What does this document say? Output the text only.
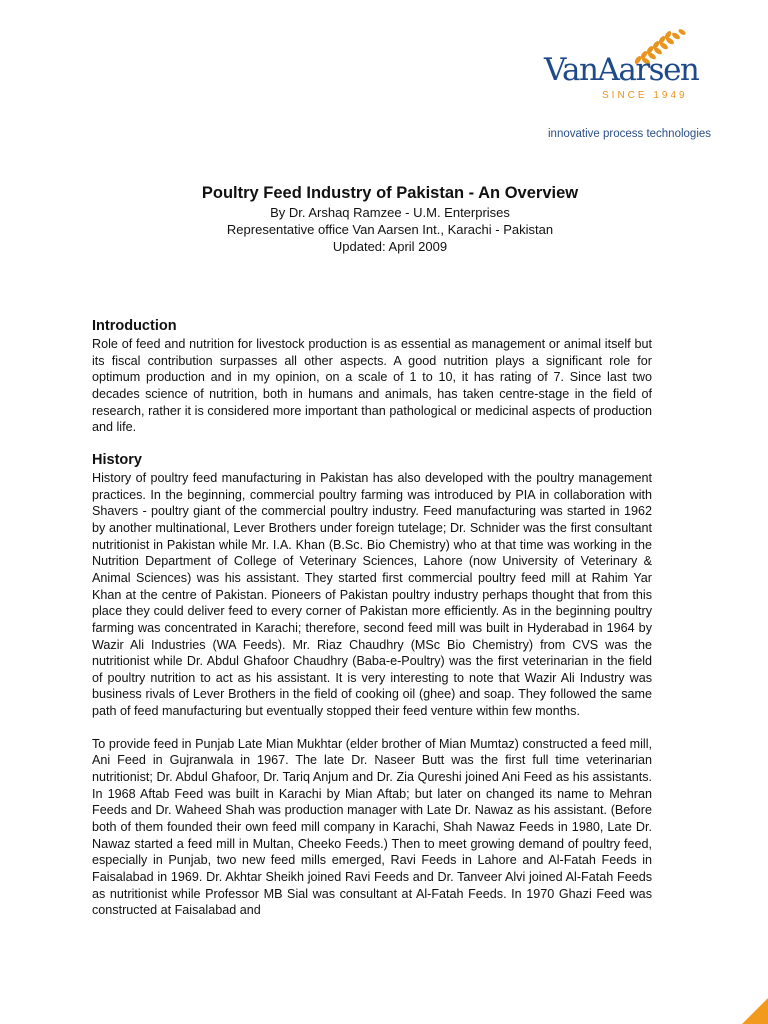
VanAarsen
SINCE 1949
innovative process technologies
Poultry Feed Industry of Pakistan - An Overview
By Dr. Arshaq Ramzee - U.M. Enterprises
Representative office Van Aarsen Int., Karachi - Pakistan
Updated: April 2009
Introduction

Role of feed and nutrition for livestock production is as essential as management or animal itself but its fiscal contribution surpasses all other aspects. A good nutrition plays a significant role for optimum production and in my opinion, on a scale of 1 to 10, it has rating of 7. Since last two decades science of nutrition, both in humans and animals, has taken centre-stage in the field of research, rather it is considered more important than pathological or medicinal aspects of production and life.

History

History of poultry feed manufacturing in Pakistan has also developed with the poultry management practices. In the beginning, commercial poultry farming was introduced by PIA in collaboration with Shavers - poultry giant of the commercial poultry industry. Feed manufacturing was started in 1962 by another multinational, Lever Brothers under foreign tutelage; Dr. Schnider was the first consultant nutritionist in Pakistan while Mr. I.A. Khan (B.Sc. Bio Chemistry) who at that time was working in the Nutrition Department of College of Veterinary Sciences, Lahore (now University of Veterinary & Animal Sciences) was his assistant. They started first commercial poultry feed mill at Rahim Yar Khan at the centre of Pakistan. Pioneers of Pakistan poultry industry perhaps thought that from this place they could deliver feed to every corner of Pakistan more efficiently. As in the beginning poultry farming was concentrated in Karachi; therefore, second feed mill was built in Hyderabad in 1964 by Wazir Ali Industries (WA Feeds). Mr. Riaz Chaudhry (MSc Bio Chemistry) from CVS was the nutritionist while Dr. Abdul Ghafoor Chaudhry (Baba-e-Poultry) was the first veterinarian in the field of poultry nutrition to act as his assistant. It is very interesting to note that Wazir Ali Industry was business rivals of Lever Brothers in the field of cooking oil (ghee) and soap. They followed the same path of feed manufacturing but eventually stopped their feed venture within few months.

To provide feed in Punjab Late Mian Mukhtar (elder brother of Mian Mumtaz) constructed a feed mill, Ani Feed in Gujranwala in 1967. The late Dr. Naseer Butt was the first full time veterinarian nutritionist; Dr. Abdul Ghafoor, Dr. Tariq Anjum and Dr. Zia Qureshi joined Ani Feed as his assistants. In 1968 Aftab Feed was built in Karachi by Mian Aftab; but later on changed its name to Mehran Feeds and Dr. Waheed Shah was production manager with Late Dr. Nawaz as his assistant. (Before both of them founded their own feed mill company in Karachi, Shah Nawaz Feeds in 1980, Late Dr. Nawaz started a feed mill in Multan, Cheeko Feeds.) Then to meet growing demand of poultry feed, especially in Punjab, two new feed mills emerged, Ravi Feeds in Lahore and Al-Fatah Feeds in Faisalabad in 1969. Dr. Akhtar Sheikh joined Ravi Feeds and Dr. Tanveer Alvi joined Al-Fatah Feeds as nutritionist while Professor MB Sial was consultant at Al-Fatah Feeds. In 1970 Ghazi Feed was constructed at Faisalabad and
